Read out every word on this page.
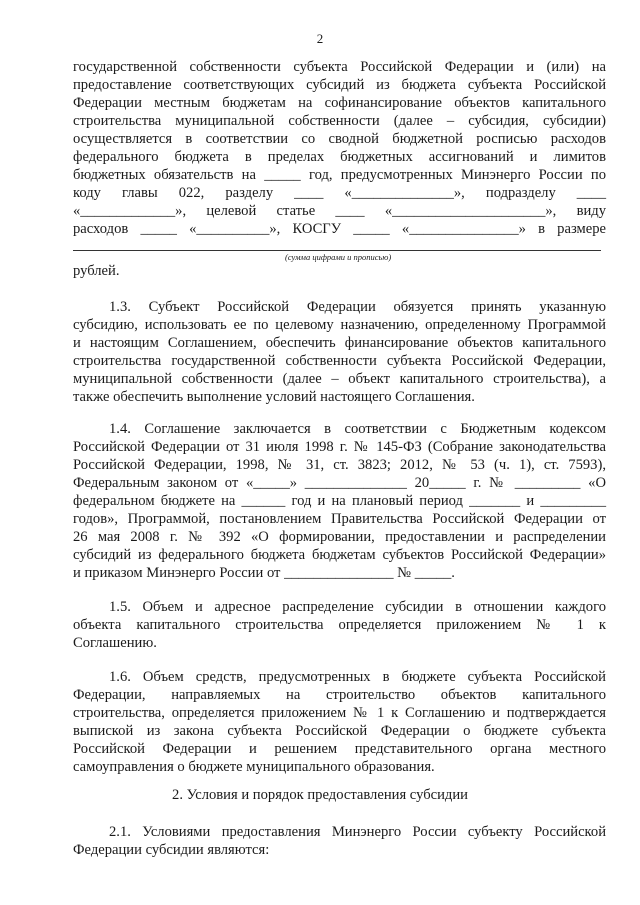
2
государственной собственности субъекта Российской Федерации и (или) на
предоставление соответствующих субсидий из бюджета субъекта Российской
Федерации местным бюджетам на софинансирование объектов капитального
строительства муниципальной собственности (далее – субсидия, субсидии)
осуществляется в соответствии со сводной бюджетной росписью расходов
федерального бюджета в пределах бюджетных ассигнований и лимитов
бюджетных обязательств на _____ год, предусмотренных Минэнерго России по
коду главы 022, разделу ____ «______________», подразделу ____
«_____________», целевой статье ____ «_____________________», виду
расходов _____ «__________», КОСГУ _____ «_______________» в размере
(сумма цифрами и прописью)
рублей.
1.3. Субъект Российской Федерации обязуется принять указанную
субсидию, использовать ее по целевому назначению, определенному Программой
и настоящим Соглашением, обеспечить финансирование объектов капитального
строительства государственной собственности субъекта Российской Федерации,
муниципальной собственности (далее – объект капитального строительства), а
также обеспечить выполнение условий настоящего Соглашения.
1.4. Соглашение заключается в соответствии с Бюджетным кодексом
Российской Федерации от 31 июля 1998 г. № 145-ФЗ (Собрание законодательства
Российской Федерации, 1998, № 31, ст. 3823; 2012, № 53 (ч. 1), ст. 7593),
Федеральным законом от «_____» ______________ 20_____ г. № _________ «О
федеральном бюджете на ______ год и на плановый период _______ и _________
годов», Программой, постановлением Правительства Российской Федерации от
26 мая 2008 г. № 392 «О формировании, предоставлении и распределении
субсидий из федерального бюджета бюджетам субъектов Российской Федерации»
и приказом Минэнерго России от _______________ № _____.
1.5. Объем и адресное распределение субсидии в отношении каждого
объекта капитального строительства определяется приложением № 1 к
Соглашению.
1.6. Объем средств, предусмотренных в бюджете субъекта Российской
Федерации, направляемых на строительство объектов капитального
строительства, определяется приложением № 1 к Соглашению и подтверждается
выпиской из закона субъекта Российской Федерации о бюджете субъекта
Российской Федерации и решением представительного органа местного
самоуправления о бюджете муниципального образования.
2. Условия и порядок предоставления субсидии
2.1. Условиями предоставления Минэнерго России субъекту Российской
Федерации субсидии являются:
